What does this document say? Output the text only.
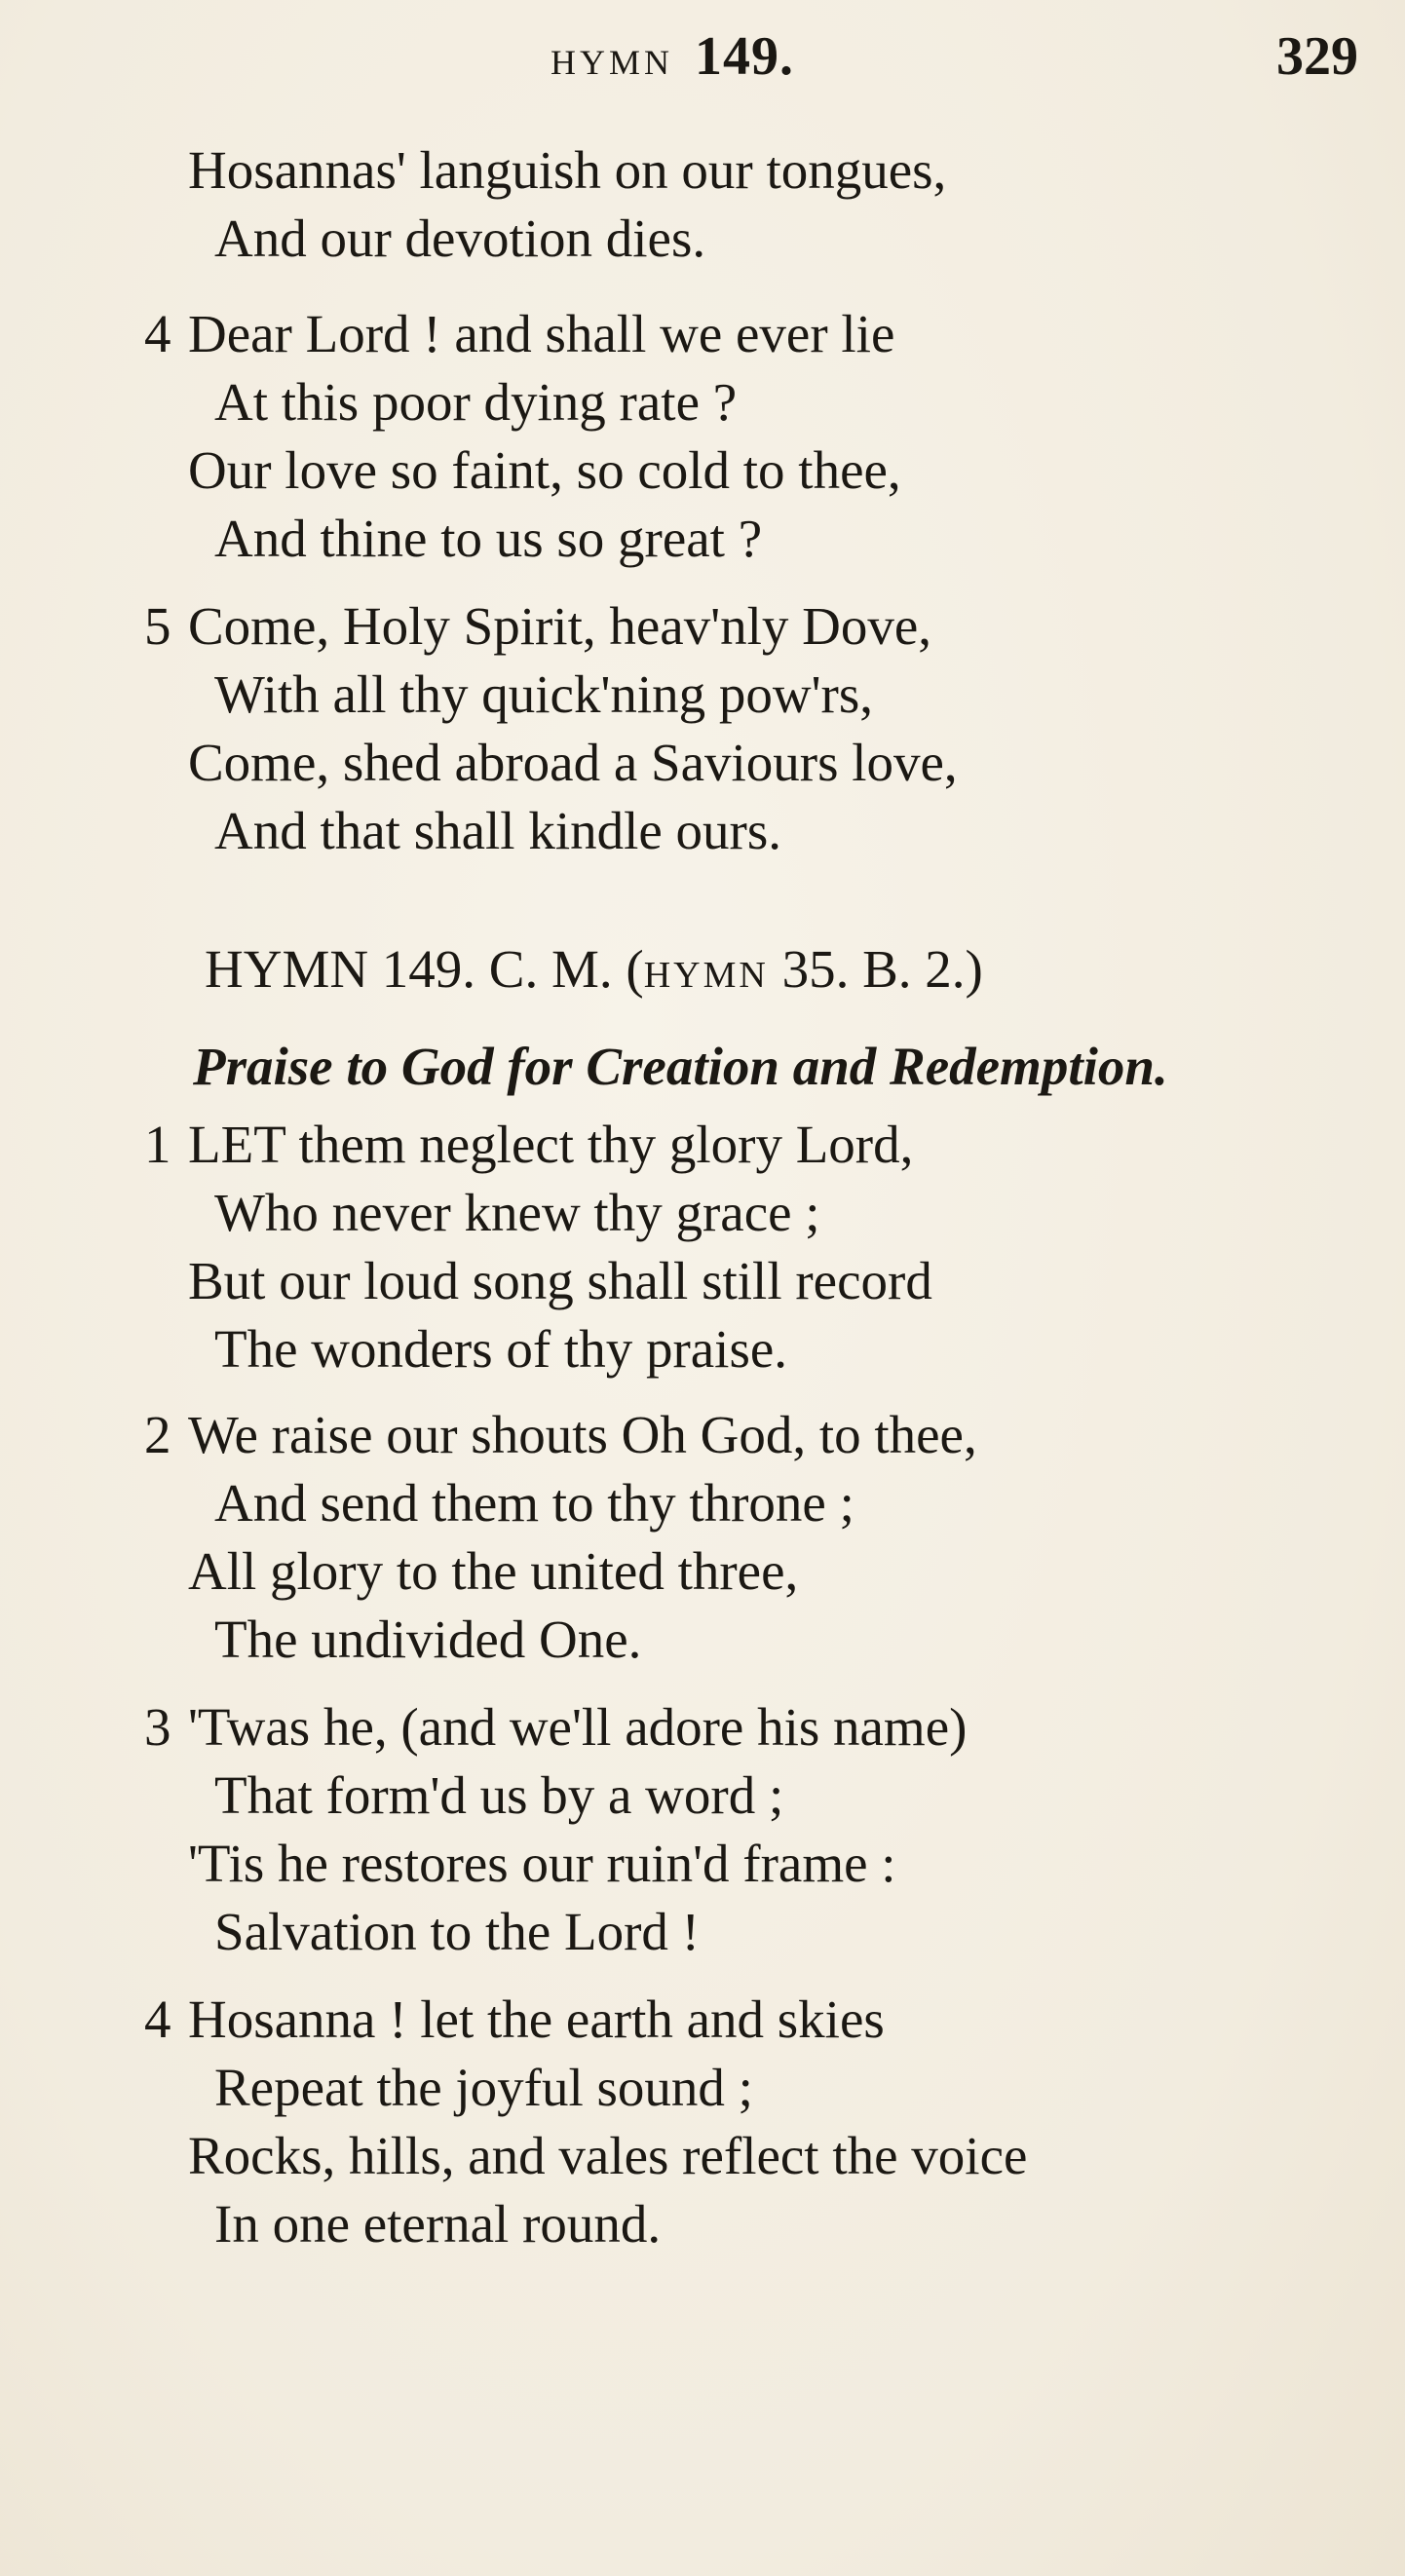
HYMN 149.	329
Hosannas' languish on our tongues,
And our devotion dies.
4 Dear Lord ! and shall we ever lie
At this poor dying rate ?
Our love so faint, so cold to thee,
And thine to us so great ?
5 Come, Holy Spirit, heav'nly Dove,
With all thy quick'ning pow'rs,
Come, shed abroad a Saviours love,
And that shall kindle ours.
HYMN 149. C. M. (HYMN 35. B. 2.)
Praise to God for Creation and Redemption.
1 LET them neglect thy glory Lord,
Who never knew thy grace ;
But our loud song shall still record
The wonders of thy praise.
2 We raise our shouts Oh God, to thee,
And send them to thy throne ;
All glory to the united three,
The undivided One.
3 'Twas he, (and we'll adore his name)
That form'd us by a word ;
'Tis he restores our ruin'd frame :
Salvation to the Lord !
4 Hosanna ! let the earth and skies
Repeat the joyful sound ;
Rocks, hills, and vales reflect the voice
In one eternal round.
